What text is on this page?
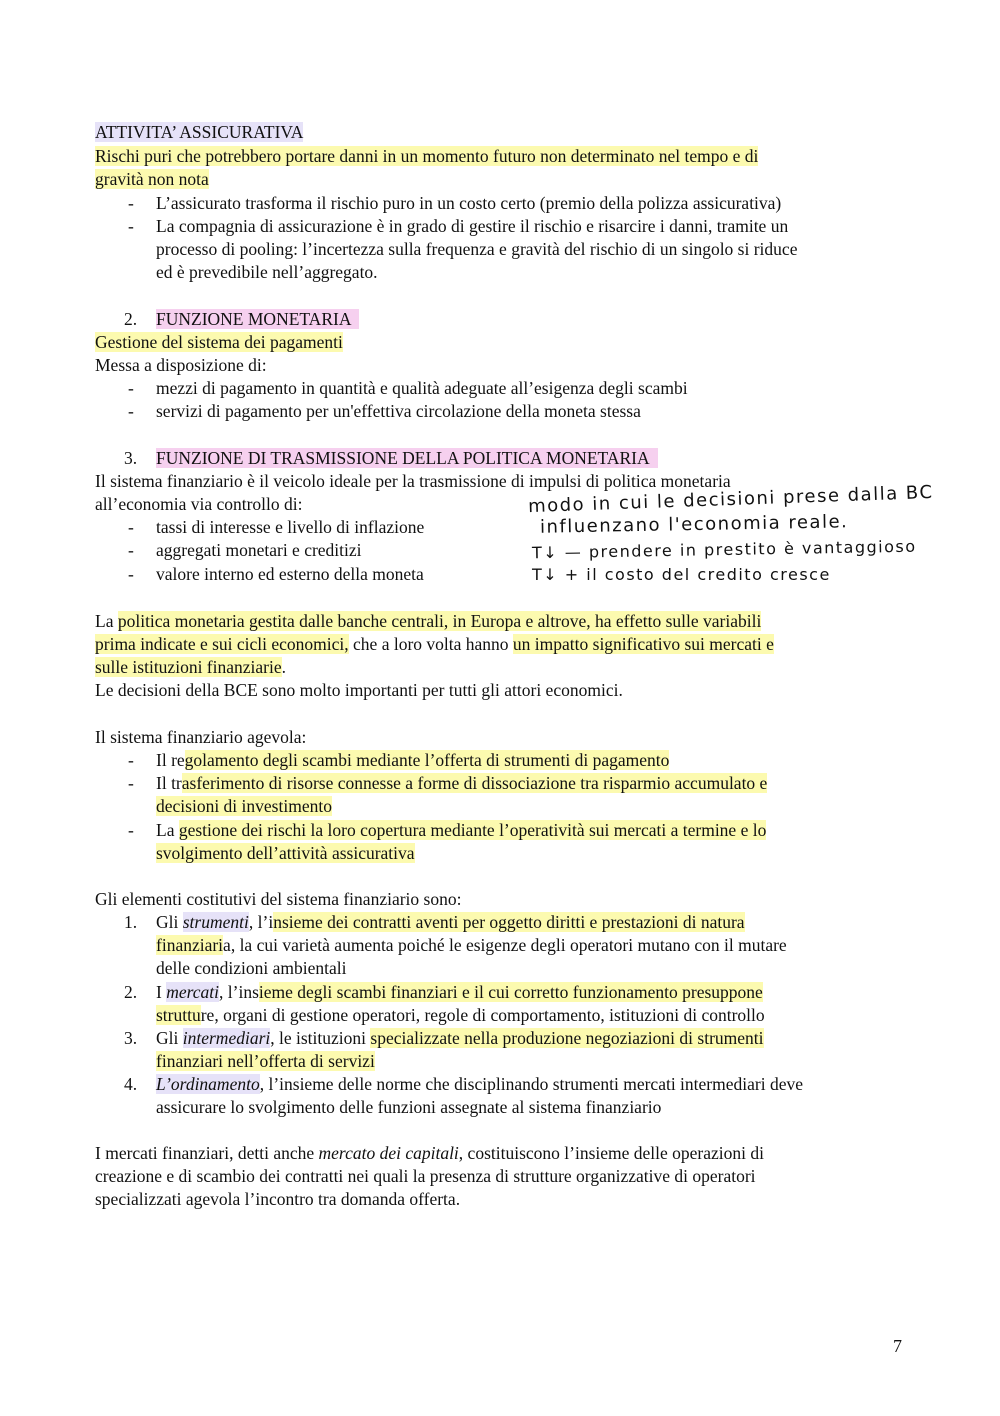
ATTIVITA’ ASSICURATIVA
Rischi puri che potrebbero portare danni in un momento futuro non determinato nel tempo e di
gravità non nota
- L’assicurato trasforma il rischio puro in un costo certo (premio della polizza assicurativa)
- La compagnia di assicurazione è in grado di gestire il rischio e risarcire i danni, tramite un
processo di pooling: l’incertezza sulla frequenza e gravità del rischio di un singolo si riduce
ed è prevedibile nell’aggregato.
2. FUNZIONE MONETARIA
Gestione del sistema dei pagamenti
Messa a disposizione di:
- mezzi di pagamento in quantità e qualità adeguate all’esigenza degli scambi
- servizi di pagamento per un'effettiva circolazione della moneta stessa
3. FUNZIONE DI TRASMISSIONE DELLA POLITICA MONETARIA
Il sistema finanziario è il veicolo ideale per la trasmissione di impulsi di politica monetaria
all’economia via controllo di:
- tassi di interesse e livello di inflazione
- aggregati monetari e creditizi
- valore interno ed esterno della moneta
modo in cui le decisioni prese dalla BC
influenzano l'economia reale.
T↓ — prendere in prestito è vantaggioso
T↓ + il costo del credito cresce
La politica monetaria gestita dalle banche centrali, in Europa e altrove, ha effetto sulle variabili
prima indicate e sui cicli economici, che a loro volta hanno un impatto significativo sui mercati e
sulle istituzioni finanziarie.
Le decisioni della BCE sono molto importanti per tutti gli attori economici.
Il sistema finanziario agevola:
- Il regolamento degli scambi mediante l’offerta di strumenti di pagamento
- Il trasferimento di risorse connesse a forme di dissociazione tra risparmio accumulato e
decisioni di investimento
- La gestione dei rischi la loro copertura mediante l’operatività sui mercati a termine e lo
svolgimento dell’attività assicurativa
Gli elementi costitutivi del sistema finanziario sono:
1. Gli strumenti, l’insieme dei contratti aventi per oggetto diritti e prestazioni di natura
finanziaria, la cui varietà aumenta poiché le esigenze degli operatori mutano con il mutare
delle condizioni ambientali
2. I mercati, l’insieme degli scambi finanziari e il cui corretto funzionamento presuppone
strutture, organi di gestione operatori, regole di comportamento, istituzioni di controllo
3. Gli intermediari, le istituzioni specializzate nella produzione negoziazioni di strumenti
finanziari nell’offerta di servizi
4. L’ordinamento, l’insieme delle norme che disciplinando strumenti mercati intermediari deve
assicurare lo svolgimento delle funzioni assegnate al sistema finanziario
I mercati finanziari, detti anche mercato dei capitali, costituiscono l’insieme delle operazioni di
creazione e di scambio dei contratti nei quali la presenza di strutture organizzative di operatori
specializzati agevola l’incontro tra domanda offerta.
7
